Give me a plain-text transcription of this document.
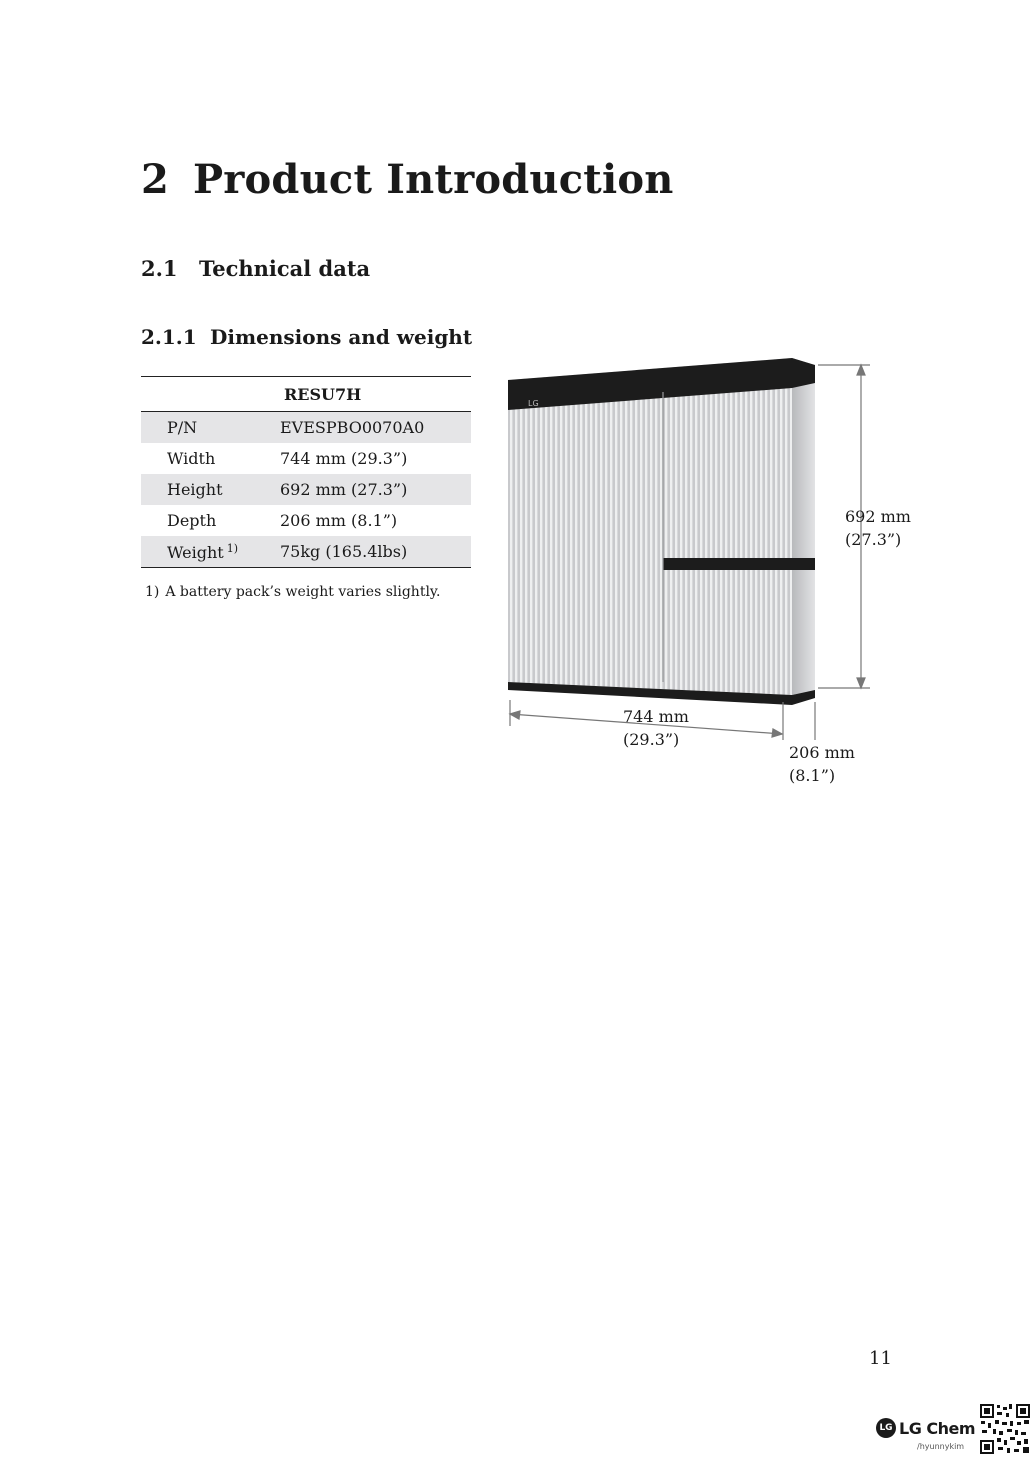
2 Product Introduction
2.1 Technical data
2.1.1 Dimensions and weight
RESU7H	
P/N	EVESPBO0070A0
Width	744 mm (29.3”)
Height	692 mm (27.3”)
Depth	206 mm (8.1”)
Weight $^{1)}$	75kg (165.4lbs)
1) A battery pack’s weight varies slightly.
LG
692 mm
(27.3”)
744 mm
(29.3”)
206 mm
(8.1”)
11
LG LG Chem
/hyunnykim
